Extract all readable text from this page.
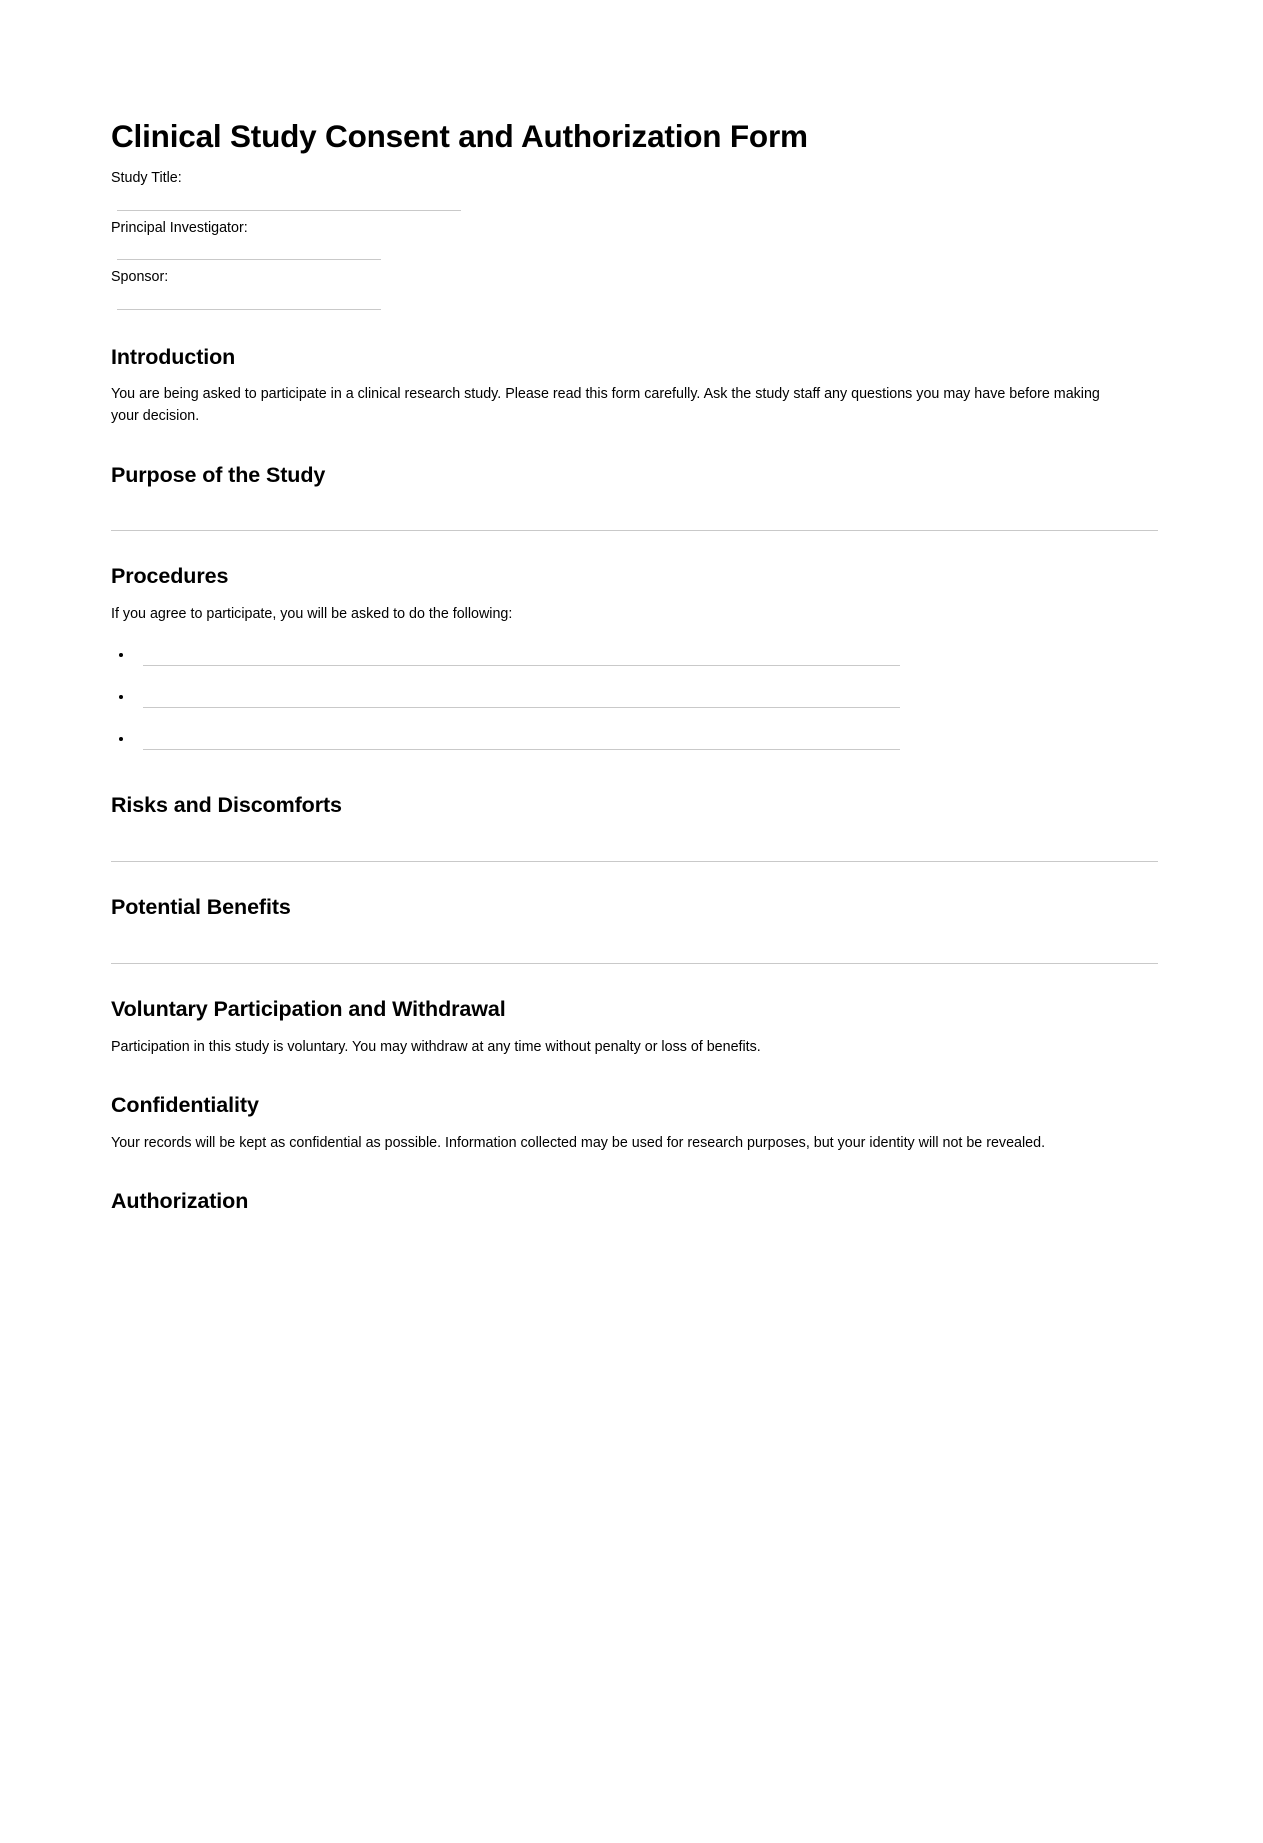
Clinical Study Consent and Authorization Form
Study Title:
Principal Investigator:
Sponsor:
Introduction

You are being asked to participate in a clinical research study. Please read this form carefully. Ask the study staff any questions you may have before making your decision.

Purpose of the Study
Procedures

If you agree to participate, you will be asked to do the following:

Risks and Discomforts
Potential Benefits
Voluntary Participation and Withdrawal

Participation in this study is voluntary. You may withdraw at any time without penalty or loss of benefits.

Confidentiality

Your records will be kept as confidential as possible. Information collected may be used for research purposes, but your identity will not be revealed.

Authorization
